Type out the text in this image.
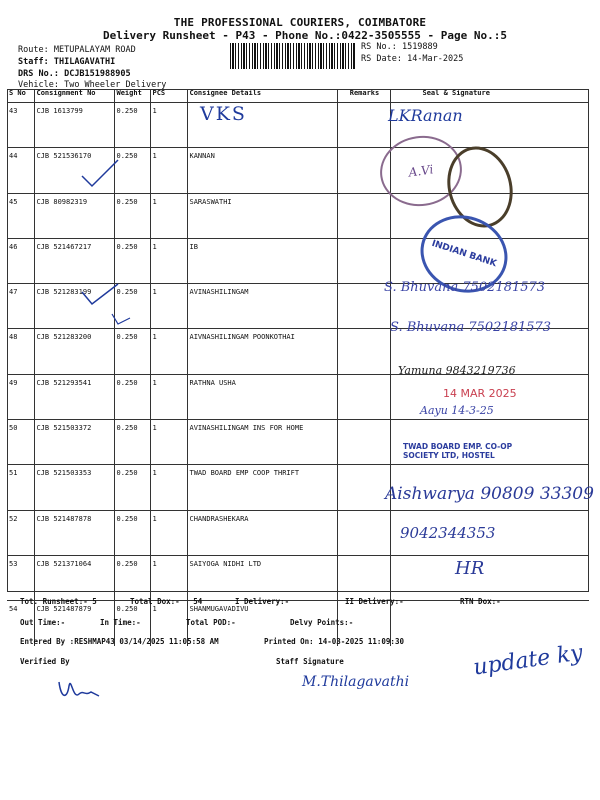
THE PROFESSIONAL COURIERS, COIMBATORE
Delivery Runsheet - P43 - Phone No.:0422-3505555 - Page No.:5
Route: METUPALAYAM ROAD
Staff: THILAGAVATHI
DRS No.: DCJB151988905
Vehicle: Two Wheeler Delivery
RS No.: 1519889
RS Date: 14-Mar-2025
S No	Consignment No	Weight	PCS	Consignee Details	Remarks	Seal & Signature
43	CJB 1613799	0.250	1			
44	CJB 521536170	0.250	1	KANNAN		
45	CJB 80982319	0.250	1	SARASWATHI		
46	CJB 521467217	0.250	1	IB		
47	CJB 521283199	0.250	1	AVINASHILINGAM		
48	CJB 521283200	0.250	1	AIVNASHILINGAM POONKOTHAI		
49	CJB 521293541	0.250	1	RATHNA USHA		
50	CJB 521503372	0.250	1	AVINASHILINGAM INS FOR HOME		
51	CJB 521503353	0.250	1	TWAD BOARD EMP COOP THRIFT		
52	CJB 521487878	0.250	1	CHANDRASHEKARA		
53	CJB 521371064	0.250	1	SAIYOGA NIDHI LTD		
54	CJB 521487879	0.250	1	SHANMUGAVADIVU		
VKS	LKRanan
A.Vi
INDIAN BANK
S. Bhuvana 7502181573
S. Bhuvana 7502181573
Yamuna 9843219736
14 MAR 2025
Aayu 14-3-25
TWAD BOARD EMP. CO-OP
SOCIETY LTD, HOSTEL
Aishwarya 90809 33309
9042344353
HR
Tot. Runsheet:- 5	Total Dox:- 54	I Delivery:-	II Delivery:-	RTN Dox:-
Out Time:-	In Time:-	Total POD:-	Delvy Points:-
Entered By :RESHMAP43 03/14/2025 11:05:58 AM	Printed On: 14-03-2025 11:09:30
Verified By	Staff Signature
M.Thilagavathi
update ky
